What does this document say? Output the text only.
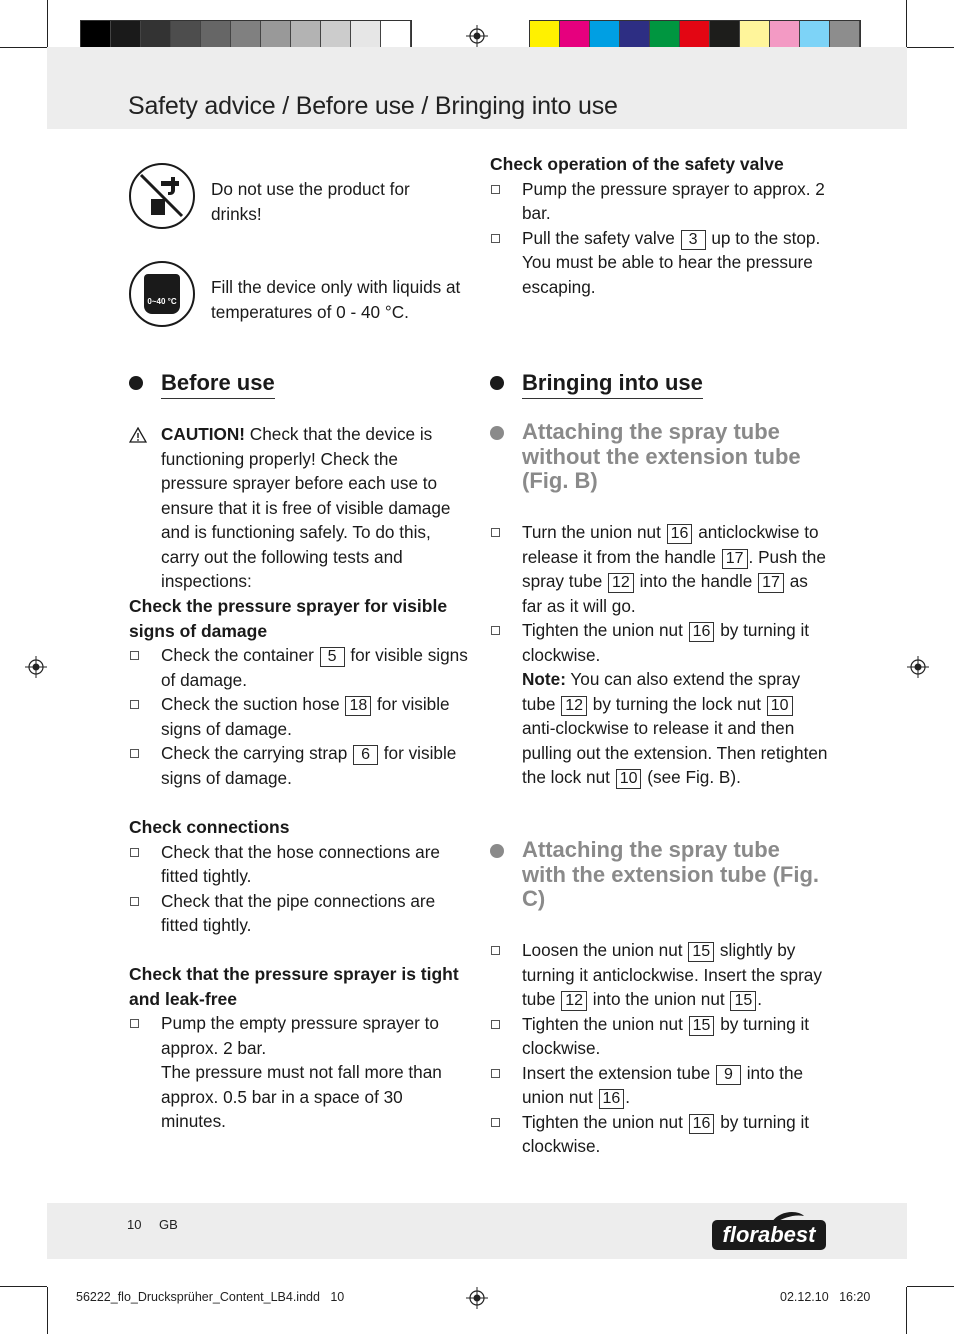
Safety advice / Before use / Bringing into use
Do not use the product for drinks!
0~40 °C
Fill the device only with liquids at temperatures of 0 - 40 °C.
Before use
CAUTION! Check that the device is functioning properly! Check the pressure sprayer before each use to ensure that it is free of visible damage and is functioning safely. To do this, carry out the following tests and inspections:
Check the pressure sprayer for visible signs of damage
Check the container 5 for visible signs of damage.
Check the suction hose 18 for visible signs of damage.
Check the carrying strap 6 for visible signs of damage.
Check connections
Check that the hose connections are fitted tightly.
Check that the pipe connections are fitted tightly.
Check that the pressure sprayer is tight and leak-free
Pump the empty pressure sprayer to approx. 2 bar.
The pressure must not fall more than approx. 0.5 bar in a space of 30 minutes.
Check operation of the safety valve
Pump the pressure sprayer to approx. 2 bar.
Pull the safety valve 3 up to the stop. You must be able to hear the pressure escaping.
Bringing into use
Attaching the spray tube without the extension tube (Fig. B)
Turn the union nut 16 anticlockwise to release it from the handle 17 . Push the spray tube 12 into the handle 17 as far as it will go.
Tighten the union nut 16 by turning it clockwise.
Note: You can also extend the spray tube 12 by turning the lock nut 10 anti-clockwise to release it and then pulling out the extension. Then retighten the lock nut 10 (see Fig. B).
Attaching the spray tube with the extension tube (Fig. C)
Loosen the union nut 15 slightly by turning it anticlockwise. Insert the spray tube 12 into the union nut 15 .
Tighten the union nut 15 by turning it clockwise.
Insert the extension tube 9 into the union nut 16 .
Tighten the union nut 16 by turning it clockwise.
10 GB	florabest
56222_flo_Drucksprüher_Content_LB4.indd   10	02.12.10   16:20
